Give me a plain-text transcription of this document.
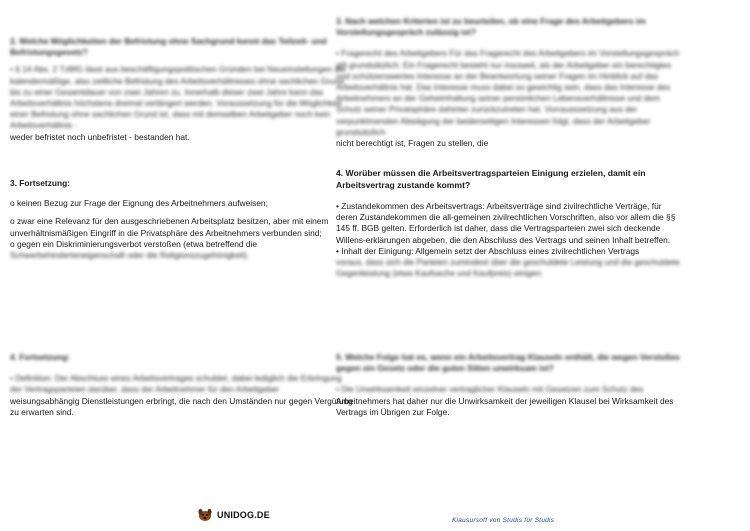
2. Welche Möglichkeiten der Befristung ohne Sachgrund kennt das Teilzeit- und Befristungsgesetz?

• § 14 Abs. 2 TzBfG lässt aus beschäftigungspolitischen Gründen bei Neueinstellungen die kalendermäßige, also zeitliche Befristung des Arbeitsverhältnisses ohne sachlichen Grund bis zu einer Gesamtdauer von zwei Jahren zu. Innerhalb dieser zwei Jahre kann das Arbeitsverhältnis höchstens dreimal verlängert werden. Voraussetzung für die Möglichkeit einer Befristung ohne sachlichen Grund ist, dass mit demselben Arbeitgeber noch kein Arbeitsverhältnis -

weder befristet noch unbefristet - bestanden hat.

3. Fortsetzung:

o keinen Bezug zur Frage der Eignung des Arbeitnehmers aufweisen;

o zwar eine Relevanz für den ausgeschriebenen Arbeitsplatz besitzen, aber mit einem unverhältnismäßigen Eingriff in die Privatsphäre des Arbeitnehmers verbunden sind;

o gegen ein Diskriminierungsverbot verstoßen (etwa betreffend die

Schwerbehinderteneigenschaft oder die Religionszugehörigkeit).

4. Fortsetzung:

• Definition: Der Abschluss eines Arbeitsvertrages schuldet, dabei lediglich die Erbringung der Vertragsparteien darüber, dass der Arbeitnehmer für den Arbeitgeber

weisungsabhängig Dienstleistungen erbringt, die nach den Umständen nur gegen Vergütung zu erwarten sind.

3. Nach welchen Kriterien ist zu beurteilen, ob eine Frage des Arbeitgebers im Vorstellungsgespräch zulässig ist?

• Fragerecht des Arbeitgebers Für das Fragerecht des Arbeitgebers im Vorstellungsgespräch gilt grundsätzlich: Ein Fragerecht besteht nur insoweit, als der Arbeitgeber ein berechtigtes und schützenswertes Interesse an der Beantwortung seiner Fragen im Hinblick auf das Arbeitsverhältnis hat. Das Interesse muss dabei so gewichtig sein, dass das Interesse des Arbeitnehmers an der Geheimhaltung seiner persönlichen Lebensverhältnisse und dem Schutz seiner Privatsphäre dahinter zurückzutreten hat. Vorrausssetzung aus der verpunktmenden Abwägung der beiderseitigen Interessen folgt, dass der Arbeitgeber grundsätzlich

nicht berechtigt ist, Fragen zu stellen, die

4. Worüber müssen die Arbeitsvertragsparteien Einigung erzielen, damit ein Arbeitsvertrag zustande kommt?

• Zustandekommen des Arbeitsvertrags: Arbeitsverträge sind zivilrechtliche Verträge, für deren Zustandekommen die all-gemeinen zivilrechtlichen Vorschriften, also vor allem die §§ 145 ff. BGB gelten. Erforderlich ist daher, dass die Vertragsparteien zwei sich deckende Willens-erklärungen abgeben, die den Abschluss des Vertrags und seinen Inhalt betreffen.

• Inhalt der Einigung: Allgemein setzt der Abschluss eines zivilrechtlichen Vertrags

voraus, dass sich die Parteien zumindest über die geschuldete Leistung und die geschuldete Gegenleistung (etwa Kaufsache und Kaufpreis) einigen.

5. Welche Folge hat es, wenn ein Arbeitsvertrag Klauseln enthält, die wegen Verstoßes gegen ein Gesetz oder die guten Sitten unwirksam ist?

• Die Unwirksamkeit einzelner vertraglicher Klauseln mit Gesetzen zum Schutz des

Arbeitnehmers hat daher nur die Unwirksamkeit der jeweiligen Klausel bei Wirksamkeit des Vertrags im Übrigen zur Folge.

UNIDOG.DE
Klausursoff von Studis für Studis
